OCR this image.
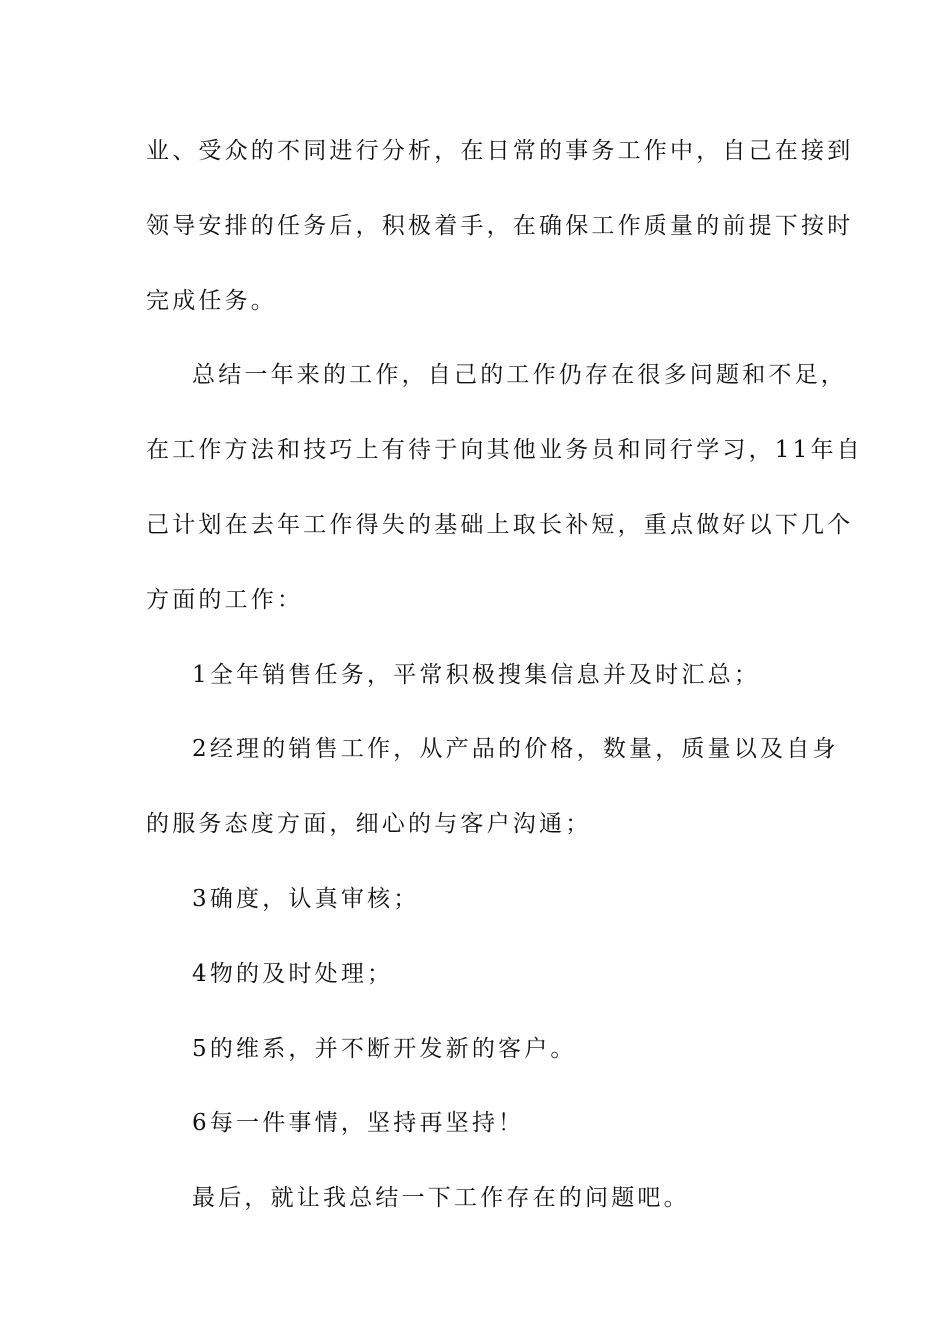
业、受众的不同进行分析，在日常的事务工作中，自己在接到
领导安排的任务后，积极着手，在确保工作质量的前提下按时
完成任务。
总结一年来的工作，自己的工作仍存在很多问题和不足，
在工作方法和技巧上有待于向其他业务员和同行学习，11年自
己计划在去年工作得失的基础上取长补短，重点做好以下几个
方面的工作：
1全年销售任务，平常积极搜集信息并及时汇总；
2经理的销售工作，从产品的价格，数量，质量以及自身
的服务态度方面，细心的与客户沟通；
3确度，认真审核；
4物的及时处理；
5的维系，并不断开发新的客户。
6每一件事情，坚持再坚持！
最后，就让我总结一下工作存在的问题吧。
